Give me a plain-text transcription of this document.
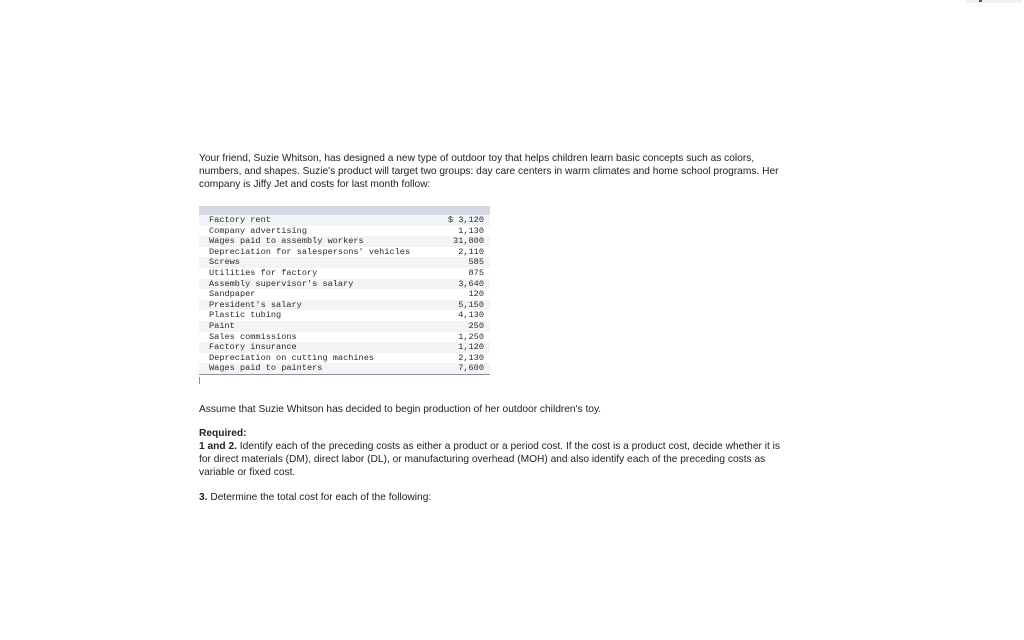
Your friend, Suzie Whitson, has designed a new type of outdoor toy that helps children learn basic concepts such as colors, numbers, and shapes. Suzie's product will target two groups: day care centers in warm climates and home school programs. Her company is Jiffy Jet and costs for last month follow:

Factory rent	$ 3,120
Company advertising	1,130
Wages paid to assembly workers	31,800
Depreciation for salespersons' vehicles	2,110
Screws	585
Utilities for factory	875
Assembly supervisor's salary	3,640
Sandpaper	120
President's salary	5,150
Plastic tubing	4,130
Paint	250
Sales commissions	1,250
Factory insurance	1,120
Depreciation on cutting machines	2,130
Wages paid to painters	7,600

Assume that Suzie Whitson has decided to begin production of her outdoor children's toy.

Required:
1 and 2. Identify each of the preceding costs as either a product or a period cost. If the cost is a product cost, decide whether it is for direct materials (DM), direct labor (DL), or manufacturing overhead (MOH) and also identify each of the preceding costs as variable or fixed cost.
3. Determine the total cost for each of the following:
